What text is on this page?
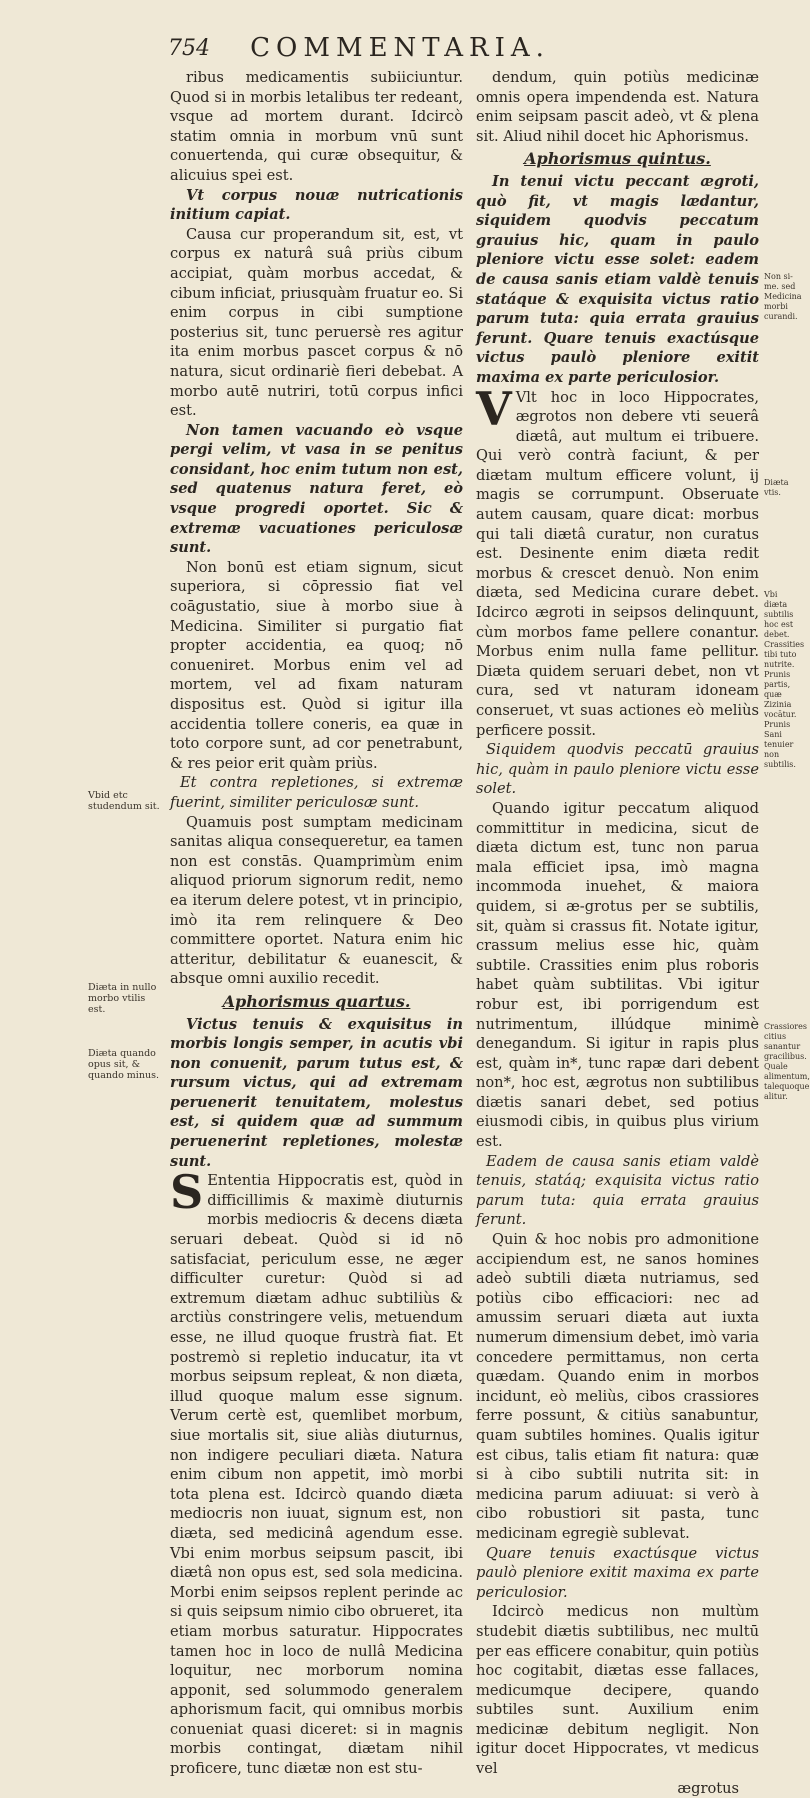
754	COMMENTARIA.

ribus medicamentis subiiciuntur. Quod si in morbis letalibus ter redeant, vsque ad mortem durant. Idcircò statim omnia in morbum vnū sunt conuertenda, qui curæ obsequitur, & alicuius spei est.

Vt corpus nouæ nutricationis initium capiat.

Causa cur properandum sit, est, vt corpus ex naturâ suâ priùs cibum accipiat, quàm morbus accedat, & cibum inficiat, priusquàm fruatur eo. Si enim corpus in cibi sumptione posterius sit, tunc peruersè res agitur ita enim morbus pascet corpus & nō natura, sicut ordinariè fieri debebat. A morbo autē nutriri, totū corpus infici est.

Non tamen vacuando eò vsque pergi velim, vt vasa in se penitus considant, hoc enim tutum non est, sed quatenus natura feret, eò vsque progredi oportet. Sic & extremæ vacuationes periculosæ sunt.

Non bonū est etiam signum, sicut superiora, si cōpressio fiat vel coāgustatio, siue à morbo siue à Medicina. Similiter si purgatio fiat propter accidentia, ea quoq; nō conueniret. Morbus enim vel ad mortem, vel ad fixam naturam dispositus est. Quòd si igitur illa accidentia tollere coneris, ea quæ in toto corpore sunt, ad cor penetrabunt, & res peior erit quàm priùs.

Et contra repletiones, si extremæ fuerint, similiter periculosæ sunt.

Quamuis post sumptam medicinam sanitas aliqua consequeretur, ea tamen non est constās. Quamprimùm enim aliquod priorum signorum redit, nemo ea iterum delere potest, vt in principio, imò ita rem relinquere & Deo committere oportet. Natura enim hic atteritur, debilitatur & euanescit, & absque omni auxilio recedit.

Aphorismus quartus.

Victus tenuis & exquisitus in morbis longis semper, in acutis vbi non conuenit, parum tutus est, & rursum victus, qui ad extremam peruenerit tenuitatem, molestus est, si quidem quæ ad summum peruenerint repletiones, molestæ sunt.

S Ententia Hippocratis est, quòd in difficillimis & maximè diuturnis morbis mediocris & decens diæta seruari debeat. Quòd si id nō satisfaciat, periculum esse, ne æger difficulter curetur: Quòd si ad extremum diætam adhuc subtiliùs & arctiùs constringere velis, metuendum esse, ne illud quoque frustrà fiat. Et postremò si repletio inducatur, ita vt morbus seipsum repleat, & non diæta, illud quoque malum esse signum. Verum certè est, quemlibet morbum, siue mortalis sit, siue aliàs diuturnus, non indigere peculiari diæta. Natura enim cibum non appetit, imò morbi tota plena est. Idcircò quando diæta mediocris non iuuat, signum est, non diæta, sed medicinâ agendum esse. Vbi enim morbus seipsum pascit, ibi diætâ non opus est, sed sola medicina. Morbi enim seipsos replent perinde ac si quis seipsum nimio cibo obrueret, ita etiam morbus saturatur. Hippocrates tamen hoc in loco de nullâ Medicina loquitur, nec morborum nomina apponit, sed solummodo generalem aphorismum facit, qui omnibus morbis conueniat quasi diceret: si in magnis morbis contingat, diætam nihil proficere, tunc diætæ non est stu-

dendum, quin potiùs medicinæ omnis opera impendenda est. Natura enim seipsam pascit adeò, vt & plena sit. Aliud nihil docet hic Aphorismus.

Aphorismus quintus.

In tenui victu peccant ægroti, quò fit, vt magis lædantur, siquidem quodvis peccatum grauius hic, quam in paulo pleniore victu esse solet: eadem de causa sanis etiam valdè tenuis statáque & exquisita victus ratio parum tuta: quia errata grauius ferunt. Quare tenuis exactúsque victus paulò pleniore exitit maxima ex parte periculosior.

V Vlt hoc in loco Hippocrates, ægrotos non debere vti seuerâ diætâ, aut multum ei tribuere. Qui verò contrà faciunt, & per diætam multum efficere volunt, ij magis se corrumpunt. Obseruate autem causam, quare dicat: morbus qui tali diætâ curatur, non curatus est. Desinente enim diæta redit morbus & crescet denuò. Non enim diæta, sed Medicina curare debet. Idcirco ægroti in seipsos delinquunt, cùm morbos fame pellere conantur. Morbus enim nulla fame pellitur. Diæta quidem seruari debet, non vt cura, sed vt naturam idoneam conseruet, vt suas actiones eò meliùs perficere possit.

Siquidem quodvis peccatū grauius hic, quàm in paulo pleniore victu esse solet.

Quando igitur peccatum aliquod committitur in medicina, sicut de diæta dictum est, tunc non parua mala efficiet ipsa, imò magna incommoda inuehet, & maiora quidem, si æ-grotus per se subtilis, sit, quàm si crassus fit. Notate igitur, crassum melius esse hic, quàm subtile. Crassities enim plus roboris habet quàm subtilitas. Vbi igitur robur est, ibi porrigendum est nutrimentum, illúdque minimè denegandum. Si igitur in rapis plus est, quàm in*, tunc rapæ dari debent non*, hoc est, ægrotus non subtilibus diætis sanari debet, sed potius eiusmodi cibis, in quibus plus virium est.

Eadem de causa sanis etiam valdè tenuis, statáq; exquisita victus ratio parum tuta: quia errata grauius ferunt.

Quin & hoc nobis pro admonitione accipiendum est, ne sanos homines adeò subtili diæta nutriamus, sed potiùs cibo efficaciori: nec ad amussim seruari diæta aut iuxta numerum dimensium debet, imò varia concedere permittamus, non certa quædam. Quando enim in morbos incidunt, eò meliùs, cibos crassiores ferre possunt, & citiùs sanabuntur, quam subtiles homines. Qualis igitur est cibus, talis etiam fit natura: quæ si à cibo subtili nutrita sit: in medicina parum adiuuat: si verò à cibo robustiori sit pasta, tunc medicinam egregiè sublevat.

Quare tenuis exactúsque victus paulò pleniore exitit maxima ex parte periculosior.

Idcircò medicus non multùm studebit diætis subtilibus, nec multū per eas efficere conabitur, quin potiùs hoc cogitabit, diætas esse fallaces, medicumque decipere, quando subtiles sunt. Auxilium enim medicinæ debitum negligit. Non igitur docet Hippocrates, vt medicus vel

ægrotus

Vbid etc studendum sit.
Diæta in nullo morbo vtilis est.
Diæta quando opus sit, & quando minus.
Non si-me. sed Medicina morbi curandi.
Diæta vtis.
Vbi diæta subtilis hoc est debet. Crassities tibi tuto nutrite. Prunis partis, quæ Zizinia vocātur. Prunis Sani tenuier non subtilis.
Crassiores citius sanantur gracilibus. Quale alimentum, talequoque alitur.
